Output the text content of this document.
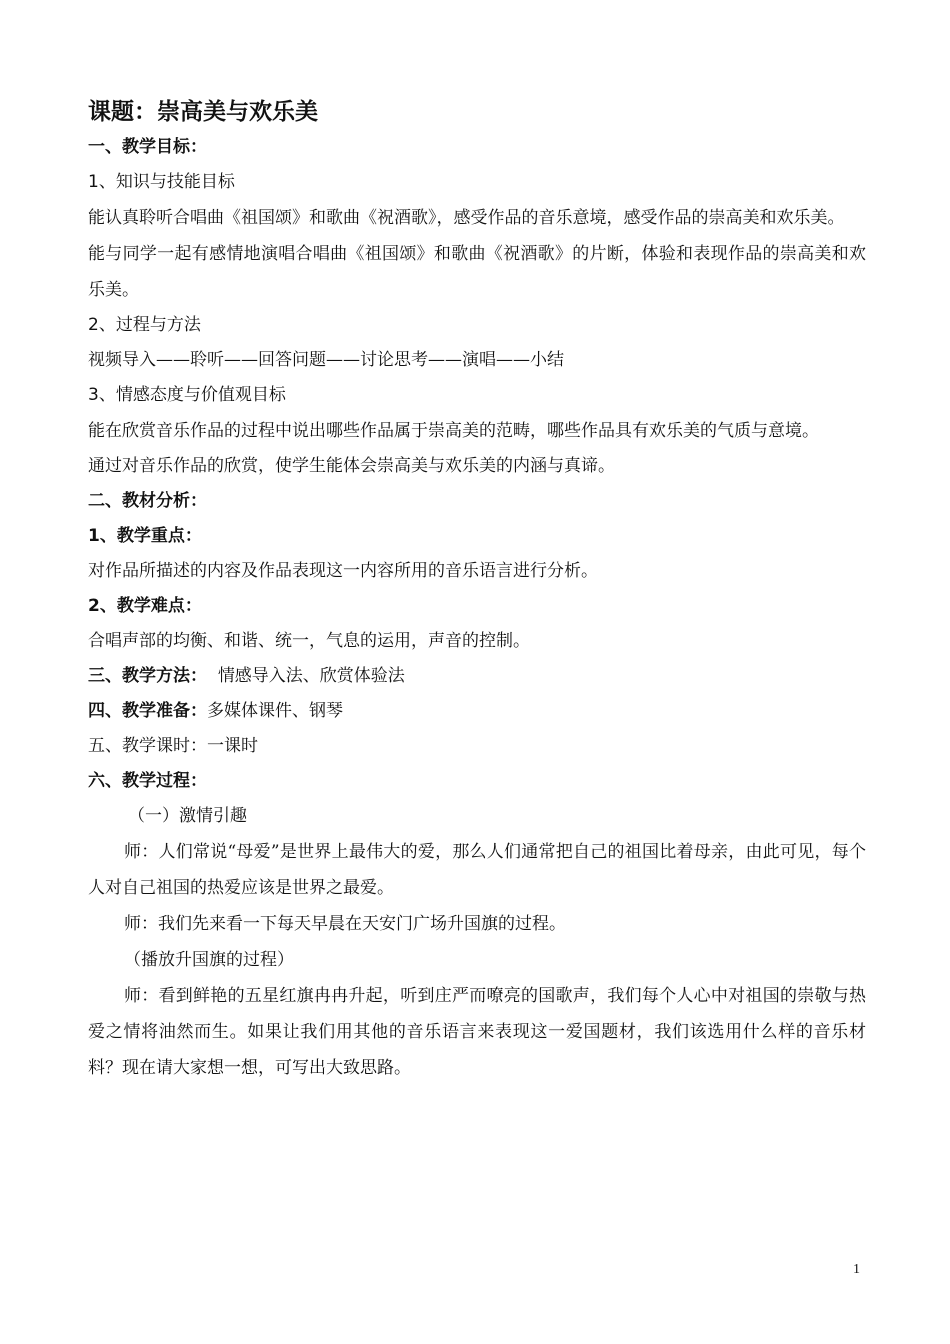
课题：崇高美与欢乐美

一、教学目标：

1、知识与技能目标

能认真聆听合唱曲《祖国颂》和歌曲《祝酒歌》，感受作品的音乐意境，感受作品的崇高美和欢乐美。

能与同学一起有感情地演唱合唱曲《祖国颂》和歌曲《祝酒歌》的片断，体验和表现作品的崇高美和欢乐美。

2、过程与方法

视频导入——聆听——回答问题——讨论思考——演唱——小结

3、情感态度与价值观目标

能在欣赏音乐作品的过程中说出哪些作品属于崇高美的范畴，哪些作品具有欢乐美的气质与意境。

通过对音乐作品的欣赏，使学生能体会崇高美与欢乐美的内涵与真谛。

二、教材分析：

1、教学重点：

对作品所描述的内容及作品表现这一内容所用的音乐语言进行分析。

2、教学难点：

合唱声部的均衡、和谐、统一，气息的运用，声音的控制。

三、教学方法： 情感导入法、欣赏体验法

四、教学准备：多媒体课件、钢琴

五、教学课时：一课时

六、教学过程：

（一）激情引趣

师：人们常说“母爱”是世界上最伟大的爱，那么人们通常把自己的祖国比着母亲，由此可见，每个人对自己祖国的热爱应该是世界之最爱。

师：我们先来看一下每天早晨在天安门广场升国旗的过程。

（播放升国旗的过程）

师：看到鲜艳的五星红旗冉冉升起，听到庄严而嘹亮的国歌声，我们每个人心中对祖国的崇敬与热爱之情将油然而生。如果让我们用其他的音乐语言来表现这一爱国题材，我们该选用什么样的音乐材料？现在请大家想一想，可写出大致思路。

1
